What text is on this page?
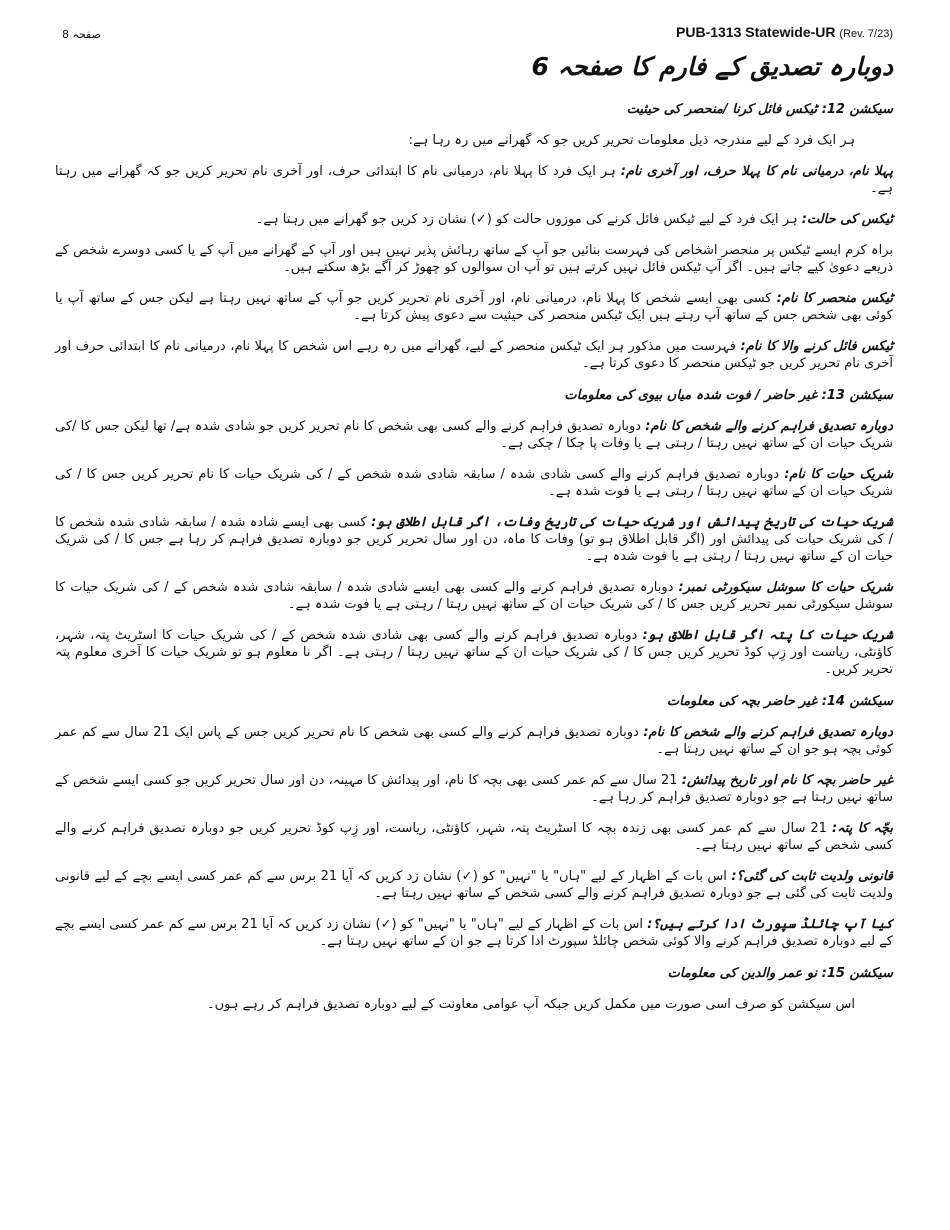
صفحہ 8	PUB-1313 Statewide-UR (Rev. 7/23)
دوبارہ تصدیق کے فارم کا صفحہ 6
سیکشن 12: ٹیکس فائل کرنا /منحصر کی حیثیت
ہر ایک فرد کے لیے مندرجہ ذیل معلومات تحریر کریں جو کہ گھرانے میں رہ رہا ہے:
پہلا نام، درمیانی نام کا پہلا حرف، اور آخری نام: ہر ایک فرد کا پہلا نام، درمیانی نام کا ابتدائی حرف، اور آخری نام تحریر کریں جو کہ گھرانے میں رہتا ہے۔
ٹیکس کی حالت: ہر ایک فرد کے لیے ٹیکس فائل کرنے کی موزوں حالت کو (✓) نشان زد کریں جو گھرانے میں رہتا ہے۔
براہ کرم ایسے ٹیکس پر منحصر اشخاص کی فہرست بنائیں جو آپ کے ساتھ رہائش پذیر نہیں ہیں اور آپ کے گھرانے میں آپ کے یا کسی دوسرے شخص کے ذریعے دعویٰ کیے جاتے ہیں۔ اگر آپ ٹیکس فائل نہیں کرتے ہیں تو آپ ان سوالوں کو چھوڑ کر آگے بڑھ سکتے ہیں۔
ٹیکس منحصر کا نام: کسی بھی ایسے شخص کا پہلا نام، درمیانی نام، اور آخری نام تحریر کریں جو آپ کے ساتھ نہیں رہتا ہے لیکن جس کے ساتھ آپ یا کوئی بھی شخص جس کے ساتھ آپ رہتے ہیں ایک ٹیکس منحصر کی حیثیت سے دعوی پیش کرتا ہے۔
ٹیکس فائل کرنے والا کا نام: فہرست میں مذکور ہر ایک ٹیکس منحصر کے لیے، گھرانے میں رہ رہے اس شخص کا پہلا نام، درمیانی نام کا ابتدائی حرف اور آخری نام تحریر کریں جو ٹیکس منحصر کا دعوی کرتا ہے۔
سیکشن 13: غیر حاضر / فوت شدہ میاں بیوی کی معلومات
دوبارہ تصدیق فراہم کرنے والے شخص کا نام: دوبارہ تصدیق فراہم کرنے والے کسی بھی شخص کا نام تحریر کریں جو شادی شدہ ہے/ تھا لیکن جس کا /کی شریک حیات ان کے ساتھ نہیں رہتا / رہتی ہے یا وفات پا چکا / چکی ہے۔
شریک حیات کا نام: دوبارہ تصدیق فراہم کرنے والے کسی شادی شدہ / سابقہ شادی شدہ شخص کے / کی شریک حیات کا نام تحریر کریں جس کا / کی شریک حیات ان کے ساتھ نہیں رہتا / رہتی ہے یا فوت شدہ ہے۔
شریک حیات کی تاریخ پیدائش اور شریک حیات کی تاریخ وفات، اگر قابل اطلاق ہو: کسی بھی ایسے شادہ شدہ / سابقہ شادی شدہ شخص کا / کی شریک حیات کی پیدائش اور (اگر قابل اطلاق ہو تو) وفات کا ماہ، دن اور سال تحریر کریں جو دوبارہ تصدیق فراہم کر رہا ہے جس کا / کی شریک حیات ان کے ساتھ نہیں رہتا / رہتی ہے یا فوت شدہ ہے۔
شریک حیات کا سوشل سیکورٹی نمبر: دوبارہ تصدیق فراہم کرنے والے کسی بھی ایسے شادی شدہ / سابقہ شادی شدہ شخص کے / کی شریک حیات کا سوشل سیکورٹی نمبر تحریر کریں جس کا / کی شریک حیات ان کے ساتھ نہیں رہتا / رہتی ہے یا فوت شدہ ہے۔
شریک حیات کا پتہ اگر قابل اطلاق ہو: دوبارہ تصدیق فراہم کرنے والے کسی بھی شادی شدہ شخص کے / کی شریک حیات کا اسٹریٹ پتہ، شہر، کاؤنٹی، ریاست اور زِپ کوڈ تحریر کریں جس کا / کی شریک حیات ان کے ساتھ نہیں رہتا / رہتی ہے۔ اگر نا معلوم ہو تو شریک حیات کا آخری معلوم پتہ تحریر کریں۔
سیکشن 14: غیر حاضر بچہ کی معلومات
دوبارہ تصدیق فراہم کرنے والے شخص کا نام: دوبارہ تصدیق فراہم کرنے والے کسی بھی شخص کا نام تحریر کریں جس کے پاس ایک 21 سال سے کم عمر کوئی بچہ ہو جو ان کے ساتھ نہیں رہتا ہے۔
غیر حاضر بچہ کا نام اور تاریخ پیدائش: 21 سال سے کم عمر کسی بھی بچہ کا نام، اور پیدائش کا مہینہ، دن اور سال تحریر کریں جو کسی ایسے شخص کے ساتھ نہیں رہتا ہے جو دوبارہ تصدیق فراہم کر رہا ہے۔
بچّہ کا پتہ: 21 سال سے کم عمر کسی بھی زندہ بچہ کا اسٹریٹ پتہ، شہر، کاؤنٹی، ریاست، اور زِپ کوڈ تحریر کریں جو دوبارہ تصدیق فراہم کرنے والے کسی شخص کے ساتھ نہیں رہتا ہے۔
قانونی ولدیت ثابت کی گئی؟: اس بات کے اظہار کے لیے "ہاں" یا "نہیں" کو (✓) نشان زد کریں کہ آیا 21 برس سے کم عمر کسی ایسے بچے کے لیے قانونی ولدیت ثابت کی گئی ہے جو دوبارہ تصدیق فراہم کرنے والے کسی شخص کے ساتھ نہیں رہتا ہے۔
کیا آپ چائلڈ سپورٹ ادا کرتے ہیں؟: اس بات کے اظہار کے لیے "ہاں" یا "نہیں" کو (✓) نشان زد کریں کہ آیا 21 برس سے کم عمر کسی ایسے بچے کے لیے دوبارہ تصدیق فراہم کرنے والا کوئی شخص چائلڈ سپورٹ ادا کرتا ہے جو ان کے ساتھ نہیں رہتا ہے۔
سیکشن 15: نو عمر والدین کی معلومات
اس سیکشن کو صرف اسی صورت میں مکمل کریں جبکہ آپ عوامی معاونت کے لیے دوبارہ تصدیق فراہم کر رہے ہوں۔
